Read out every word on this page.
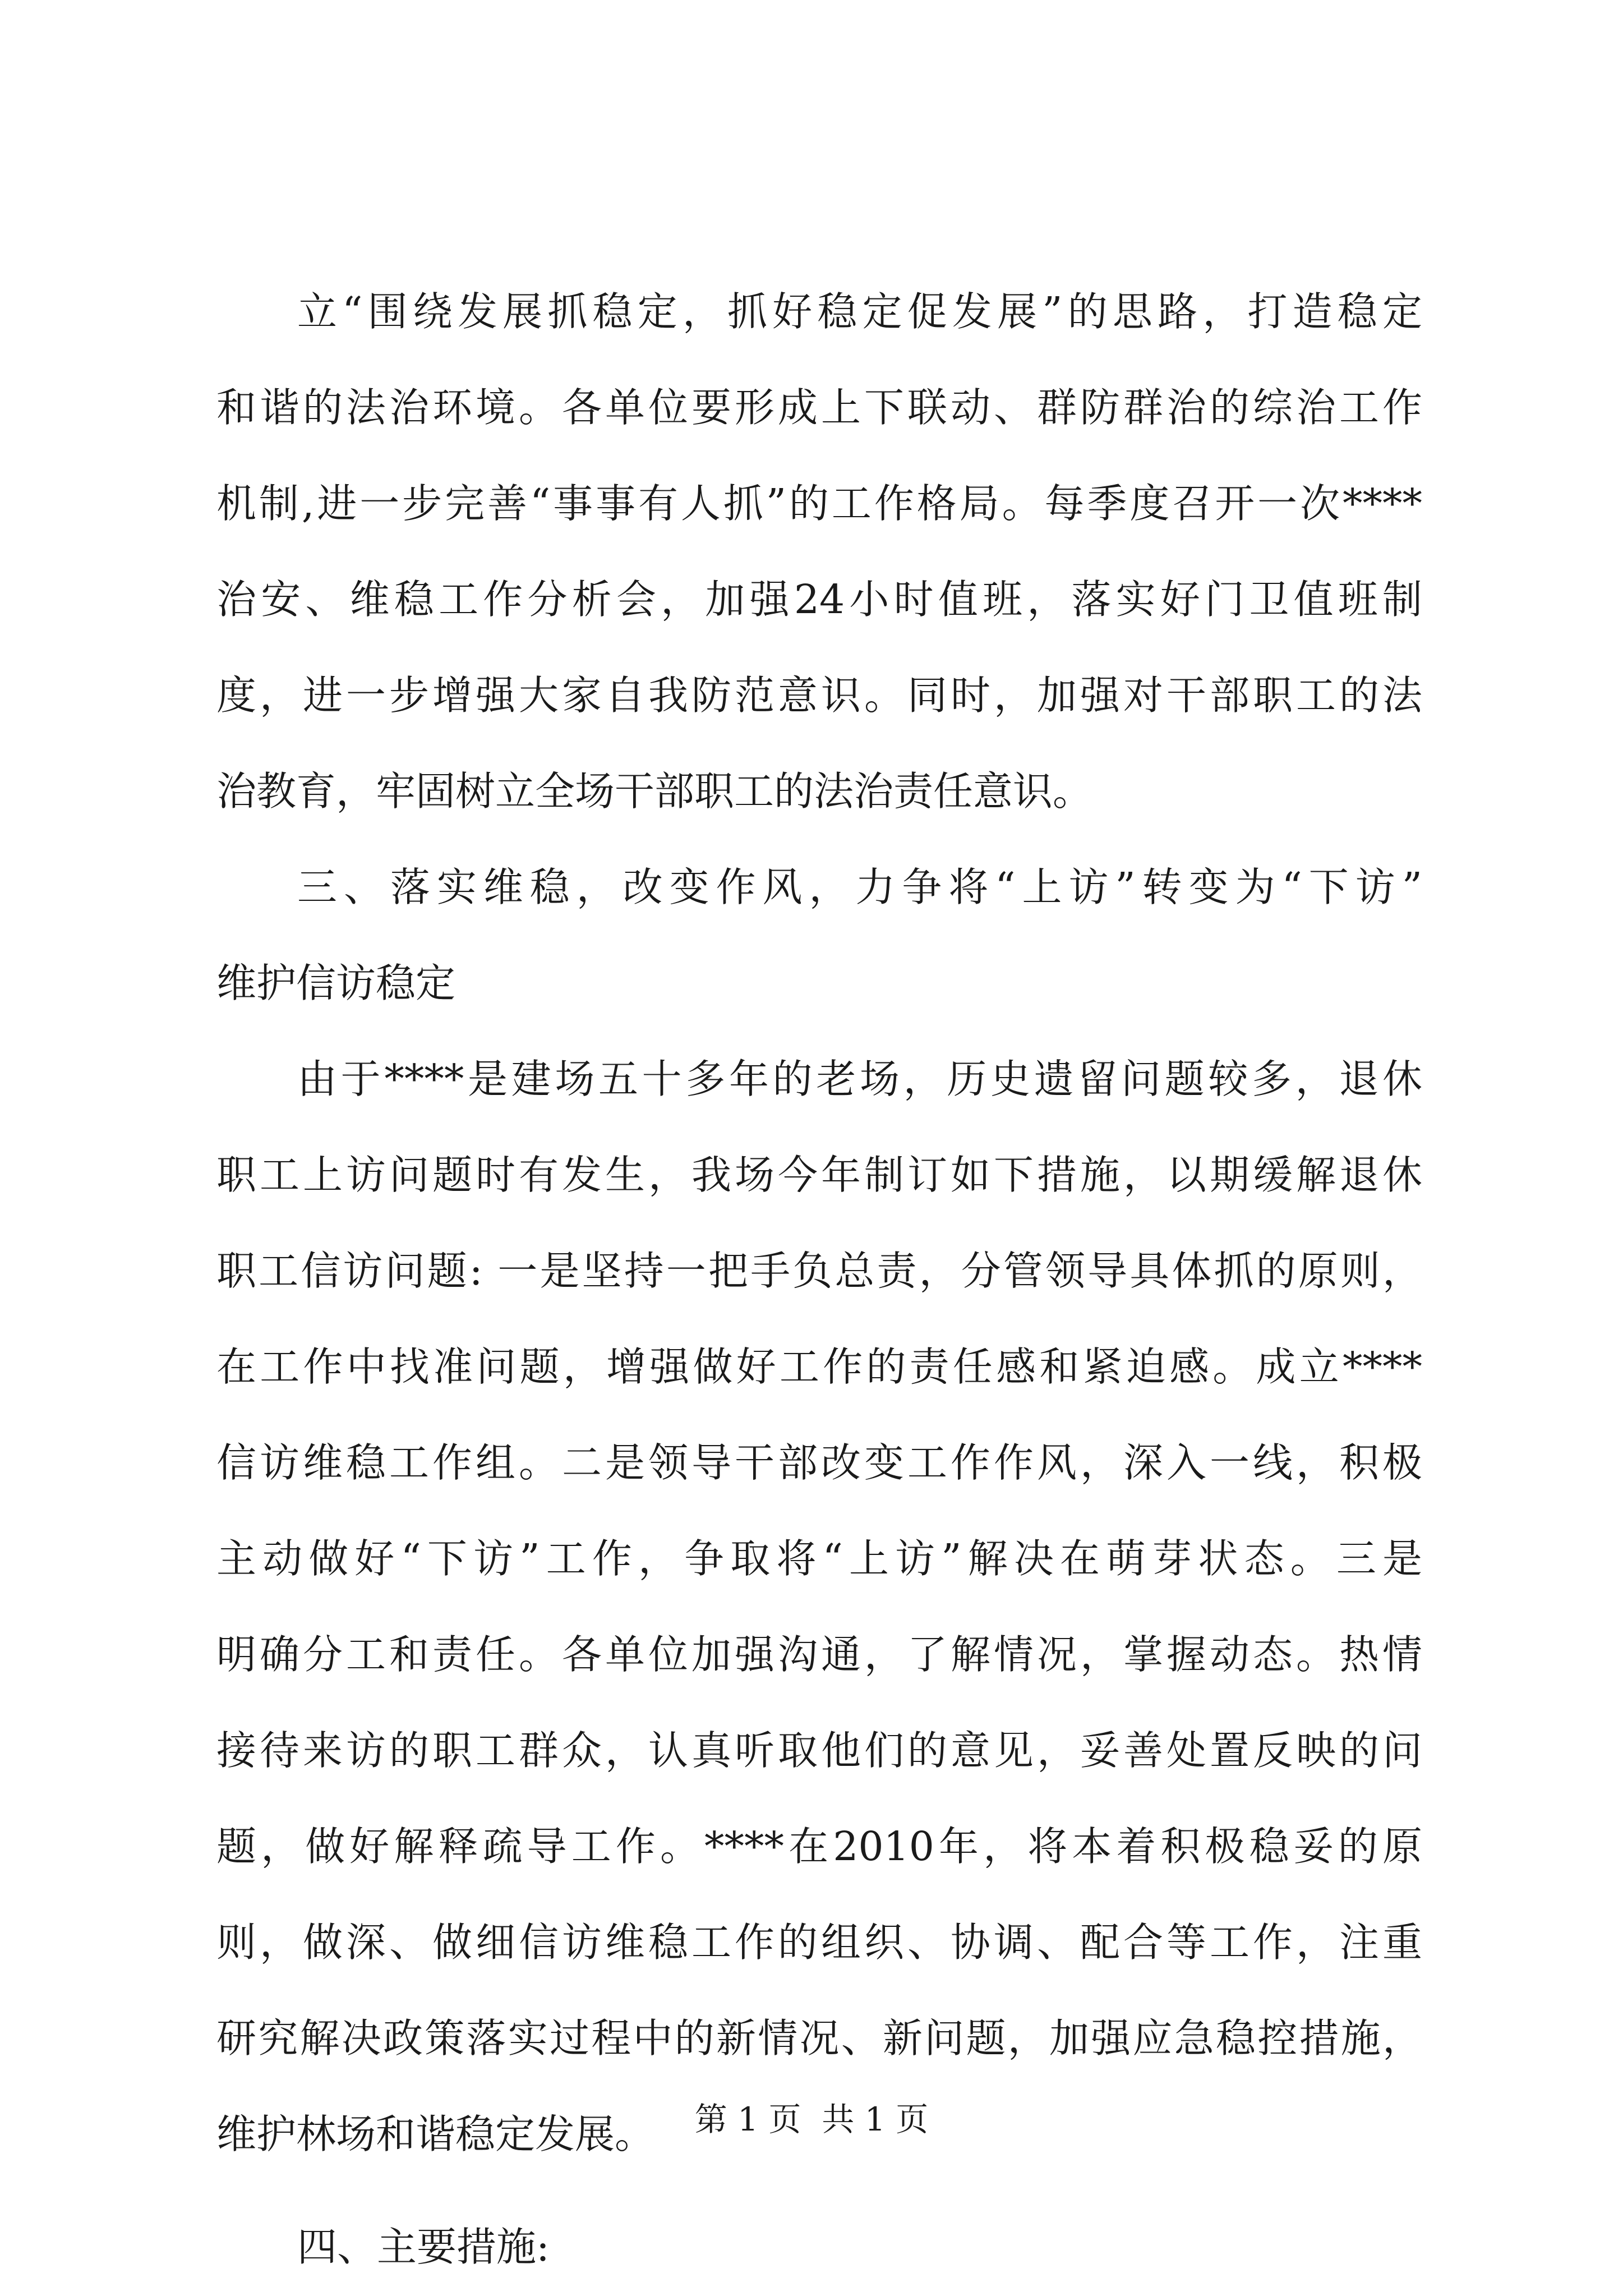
立“围绕发展抓稳定，抓好稳定促发展”的思路，打造稳定
和谐的法治环境。各单位要形成上下联动、群防群治的综治工作
机制,进一步完善“事事有人抓”的工作格局。每季度召开一次****
治安、维稳工作分析会，加强24小时值班，落实好门卫值班制
度，进一步增强大家自我防范意识。同时，加强对干部职工的法
治教育，牢固树立全场干部职工的法治责任意识。
三、落实维稳，改变作风，力争将“上访”转变为“下访”
维护信访稳定
由于****是建场五十多年的老场，历史遗留问题较多，退休
职工上访问题时有发生，我场今年制订如下措施，以期缓解退休
职工信访问题: 一是坚持一把手负总责，分管领导具体抓的原则，
在工作中找准问题，增强做好工作的责任感和紧迫感。成立****
信访维稳工作组。二是领导干部改变工作作风，深入一线，积极
主动做好“下访”工作，争取将“上访”解决在萌芽状态。三是
明确分工和责任。各单位加强沟通，了解情况，掌握动态。热情
接待来访的职工群众，认真听取他们的意见，妥善处置反映的问
题，做好解释疏导工作。****在2010年，将本着积极稳妥的原
则，做深、做细信访维稳工作的组织、协调、配合等工作，注重
研究解决政策落实过程中的新情况、新问题，加强应急稳控措施，
维护林场和谐稳定发展。
四、主要措施:
第 1 页  共 1 页
